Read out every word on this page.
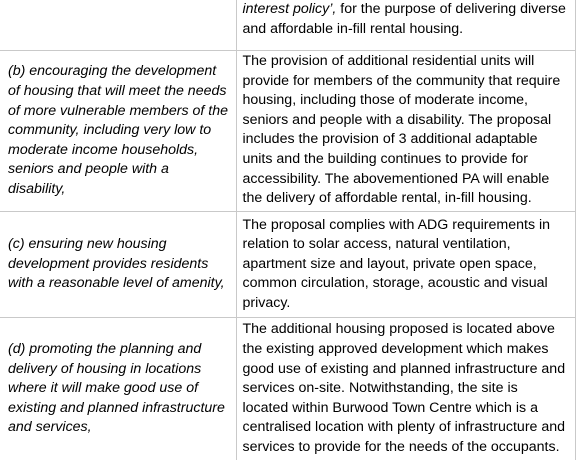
	interest policy’, for the purpose of delivering diverse and affordable in-fill rental housing.
(b) encouraging the development of housing that will meet the needs of more vulnerable members of the community, including very low to moderate income households, seniors and people with a disability,	The provision of additional residential units will provide for members of the community that require housing, including those of moderate income, seniors and people with a disability. The proposal includes the provision of 3 additional adaptable units and the building continues to provide for accessibility. The abovementioned PA will enable the delivery of affordable rental, in-fill housing.

(c) ensuring new housing development provides residents with a reasonable level of amenity,	The proposal complies with ADG requirements in relation to solar access, natural ventilation, apartment size and layout, private open space, common circulation, storage, acoustic and visual privacy.
(d) promoting the planning and delivery of housing in locations where it will make good use of existing and planned infrastructure and services,	The additional housing proposed is located above the existing approved development which makes good use of existing and planned infrastructure and services on-site. Notwithstanding, the site is located within Burwood Town Centre which is a centralised location with plenty of infrastructure and services to provide for the needs of the occupants.
